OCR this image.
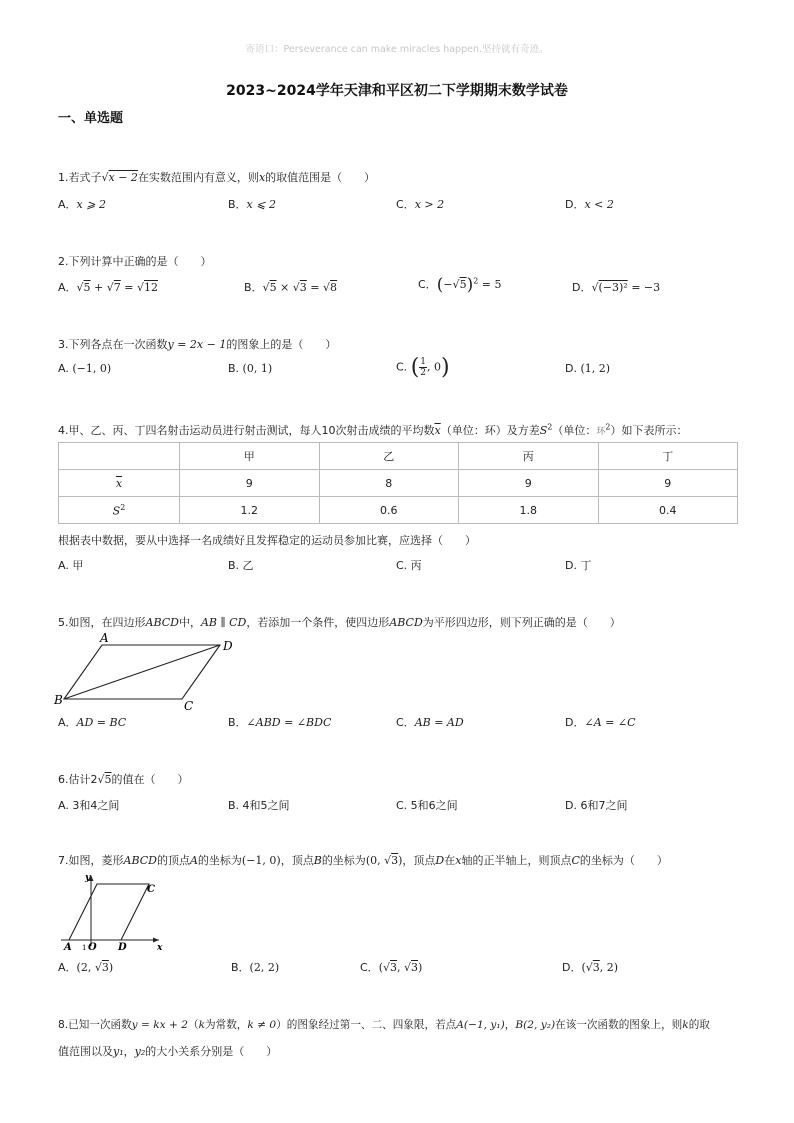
寄语口：Perseverance can make miracles happen.坚持就有奇迹。
2023~2024学年天津和平区初二下学期期末数学试卷
一、单选题
1.若式子√x − 2在实数范围内有意义，则x的取值范围是（　　）
A．x ⩾ 2	B．x ⩽ 2	C．x > 2	D．x < 2
2.下列计算中正确的是（　　）
A．√5 + √7 = √12	B．√5 × √3 = √8	C．$(-√5)^2 = 5$	D．√(−3)² = −3
3.下列各点在一次函数y = 2x − 1的图象上的是（　　）
A. (−1, 0)	B. (0, 1)	C. ( $\frac{1}{2}$ , 0)	D. (1, 2)
4.甲、乙、丙、丁四名射击运动员进行射击测试，每人10次射击成绩的平均数$\overline{x}$（单位：环）及方差$S^2$（单位：环$^2$）如下表所示：
	甲	乙	丙	丁
$\overline{x}$	9	8	9	9
$S^2$	1.2	0.6	1.8	0.4
根据表中数据，要从中选择一名成绩好且发挥稳定的运动员参加比赛，应选择（　　）
A. 甲	B. 乙	C. 丙	D. 丁
5.如图，在四边形ABCD中，AB ∥ CD，若添加一个条件，使四边形ABCD为平形四边形，则下列正确的是（　　）
A
D
B	C
A．AD = BC	B．∠ABD = ∠BDC	C．AB = AD	D．∠A = ∠C
6.估计2√5的值在（　　）
A. 3和4之间	B. 4和5之间	C. 5和6之间	D. 6和7之间
7.如图，菱形ABCD的顶点A的坐标为(−1, 0)，顶点B的坐标为(0, √3)，顶点D在x轴的正半轴上，则顶点C的坐标为（　　）
y
C
A 1 O D	x
A．(2, √3)	B．(2, 2)	C．(√3, √3)	D．(√3, 2)
8.已知一次函数y = kx + 2（k为常数，k ≠ 0）的图象经过第一、二、四象限，若点A(−1, y₁)，B(2, y₂)在该一次函数的图象上，则k的取
值范围以及y₁，y₂的大小关系分别是（　　）
